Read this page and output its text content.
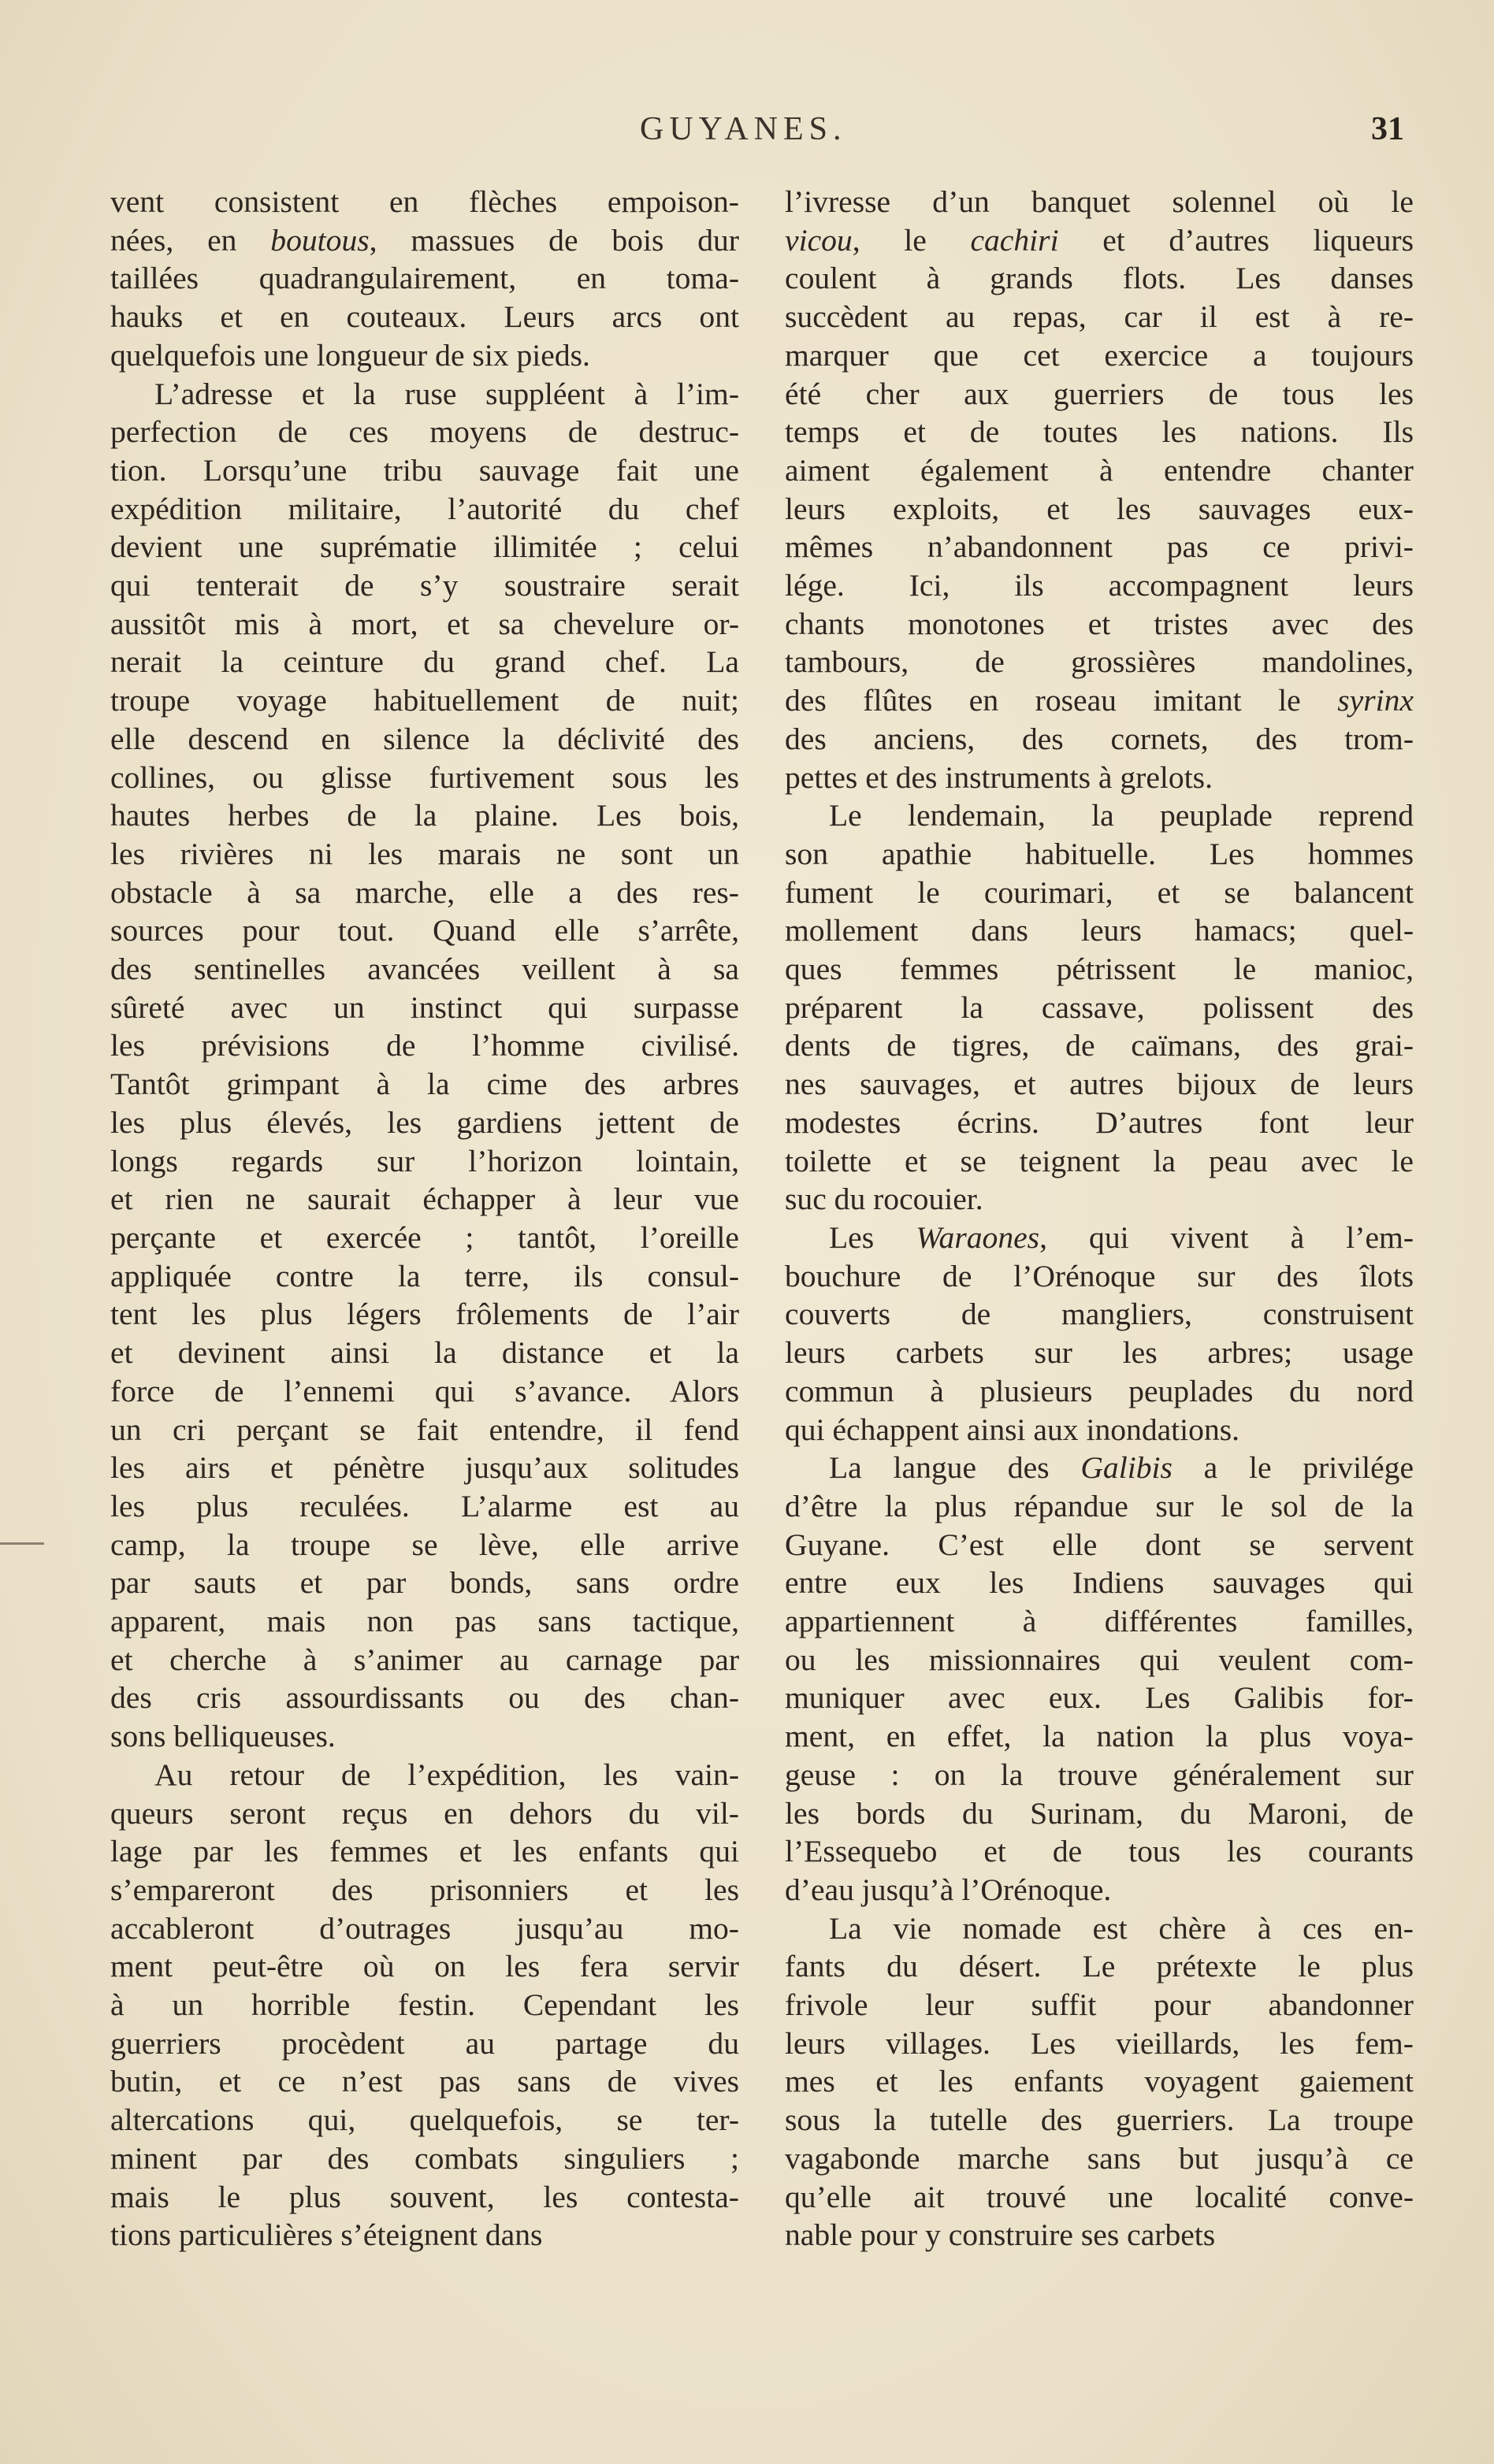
GUYANES.	31
vent consistent en flèches empoison-
nées, en boutous, massues de bois dur
taillées quadrangulairement, en toma-
hauks et en couteaux. Leurs arcs ont
quelquefois une longueur de six pieds.
L’adresse et la ruse suppléent à l’im-
perfection de ces moyens de destruc-
tion. Lorsqu’une tribu sauvage fait une
expédition militaire, l’autorité du chef
devient une suprématie illimitée ; celui
qui tenterait de s’y soustraire serait
aussitôt mis à mort, et sa chevelure or-
nerait la ceinture du grand chef. La
troupe voyage habituellement de nuit;
elle descend en silence la déclivité des
collines, ou glisse furtivement sous les
hautes herbes de la plaine. Les bois,
les rivières ni les marais ne sont un
obstacle à sa marche, elle a des res-
sources pour tout. Quand elle s’arrête,
des sentinelles avancées veillent à sa
sûreté avec un instinct qui surpasse
les prévisions de l’homme civilisé.
Tantôt grimpant à la cime des arbres
les plus élevés, les gardiens jettent de
longs regards sur l’horizon lointain,
et rien ne saurait échapper à leur vue
perçante et exercée ; tantôt, l’oreille
appliquée contre la terre, ils consul-
tent les plus légers frôlements de l’air
et devinent ainsi la distance et la
force de l’ennemi qui s’avance. Alors
un cri perçant se fait entendre, il fend
les airs et pénètre jusqu’aux solitudes
les plus reculées. L’alarme est au
camp, la troupe se lève, elle arrive
par sauts et par bonds, sans ordre
apparent, mais non pas sans tactique,
et cherche à s’animer au carnage par
des cris assourdissants ou des chan-
sons belliqueuses.
Au retour de l’expédition, les vain-
queurs seront reçus en dehors du vil-
lage par les femmes et les enfants qui
s’empareront des prisonniers et les
accableront d’outrages jusqu’au mo-
ment peut-être où on les fera servir
à un horrible festin. Cependant les
guerriers procèdent au partage du
butin, et ce n’est pas sans de vives
altercations qui, quelquefois, se ter-
minent par des combats singuliers ;
mais le plus souvent, les contesta-
tions particulières s’éteignent dans
l’ivresse d’un banquet solennel où le
vicou, le cachiri et d’autres liqueurs
coulent à grands flots. Les danses
succèdent au repas, car il est à re-
marquer que cet exercice a toujours
été cher aux guerriers de tous les
temps et de toutes les nations. Ils
aiment également à entendre chanter
leurs exploits, et les sauvages eux-
mêmes n’abandonnent pas ce privi-
lége. Ici, ils accompagnent leurs
chants monotones et tristes avec des
tambours, de grossières mandolines,
des flûtes en roseau imitant le syrinx
des anciens, des cornets, des trom-
pettes et des instruments à grelots.
Le lendemain, la peuplade reprend
son apathie habituelle. Les hommes
fument le courimari, et se balancent
mollement dans leurs hamacs; quel-
ques femmes pétrissent le manioc,
préparent la cassave, polissent des
dents de tigres, de caïmans, des grai-
nes sauvages, et autres bijoux de leurs
modestes écrins. D’autres font leur
toilette et se teignent la peau avec le
suc du rocouier.
Les Waraones, qui vivent à l’em-
bouchure de l’Orénoque sur des îlots
couverts de mangliers, construisent
leurs carbets sur les arbres; usage
commun à plusieurs peuplades du nord
qui échappent ainsi aux inondations.
La langue des Galibis a le privilége
d’être la plus répandue sur le sol de la
Guyane. C’est elle dont se servent
entre eux les Indiens sauvages qui
appartiennent à différentes familles,
ou les missionnaires qui veulent com-
muniquer avec eux. Les Galibis for-
ment, en effet, la nation la plus voya-
geuse : on la trouve généralement sur
les bords du Surinam, du Maroni, de
l’Essequebo et de tous les courants
d’eau jusqu’à l’Orénoque.
La vie nomade est chère à ces en-
fants du désert. Le prétexte le plus
frivole leur suffit pour abandonner
leurs villages. Les vieillards, les fem-
mes et les enfants voyagent gaiement
sous la tutelle des guerriers. La troupe
vagabonde marche sans but jusqu’à ce
qu’elle ait trouvé une localité conve-
nable pour y construire ses carbets
